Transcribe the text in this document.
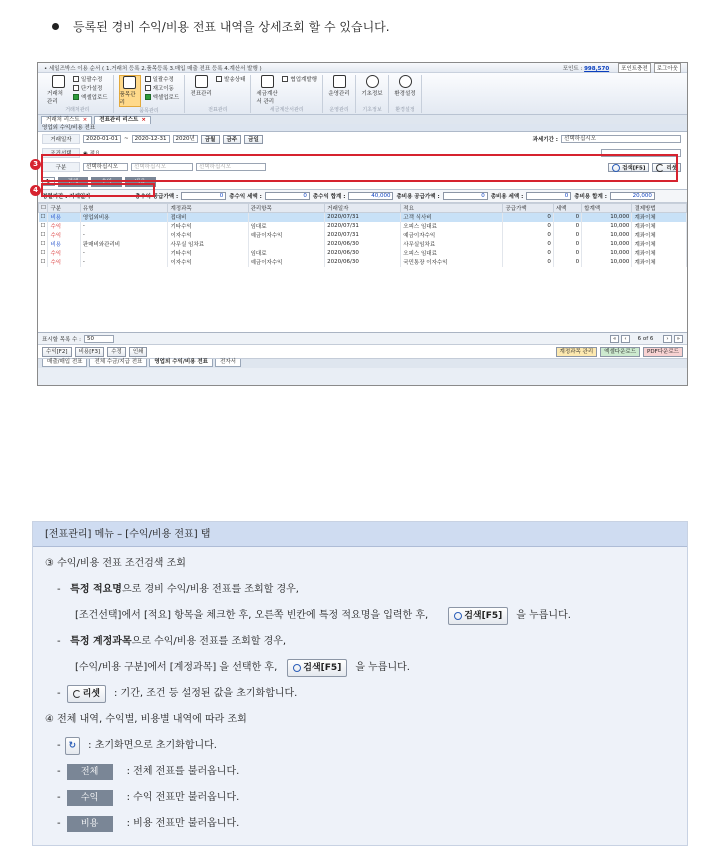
등록된 경비 수익/비용 전표 내역을 상세조회 할 수 있습니다.
• 세일즈박스 이용 순서 ( 1.거래처 등록 2.품목등록 3.매입 매출 전표 등록 4.계산서 발행 )	포인트 : 998,570	포인트충전	로그아웃
거래처 관리
일괄수정
단가설정
엑셀업로드
거래처관리
품목관리
일괄수정
재고이동
엑셀업로드
품목관리
전표관리
발송상태
전표관리
세금계산서 관리
협업계발행
세금계산서관리
운영관리
운영관리
기초정보
기초정보
환경설정
환경설정
거래처 리스트 ×	전표관리 리스트 ×
영업외 수익/비용 전표
거래일자	2020-01-01	~	2020-12-31	2020년	금월	금주	금일	과세기간 :	선택하십시오
조건선택	◉ 적요
구분	선택하십시오	선택하십시오	선택하십시오	검색[F5]	리셋
↻	전체	수익	비용
정렬기간 : 거래일자	총수익 공급가액 :	0	총수익 세액 :	0	총수익 합계 :	40,000	총비용 공급가액 :	0	총비용 세액 :	0	총비용 합계 :	20,000
☐	구분	유형	계정과목	관리항목	거래일자	적요	공급가액	세액	합계액	결제방법
☐	비용	영업외비용	접대비		2020/07/31	고객 식사비	0	0	10,000	계좌이체
☐	수익	-	기타수익	임대료	2020/07/31	오피스 임대료	0	0	10,000	계좌이체
☐	수익	-	이자수익	예금이자수익	2020/07/31	예금이자수익	0	0	10,000	계좌이체
☐	비용	판매비와관리비	사무실 임차료		2020/06/30	사무실임차료	0	0	10,000	계좌이체
☐	수익	-	기타수익	임대료	2020/06/30	오피스 임대료	0	0	10,000	계좌이체
☐	수익	-	이자수익	예금이자수익	2020/06/30	국민통장 이자수익	0	0	10,000	계좌이체
표시할 목록 수 :	50	«	‹	6 of 6	›	»
수익[F2]	비용[F3]	수정	인쇄	계정과목 관리	엑셀다운로드	PDF다운로드
매출/매입 전표	전체 수금/지급 전표	영업외 수익/비용 전표	전자서
3
4
[전표관리] 메뉴 – [수익/비용 전표] 탭
③ 수익/비용 전표 조건검색 조회
- 특정 적요명 으로 경비 수익/비용 전표를 조회할 경우,
[조건선택]에서 [적요] 항목을 체크한 후, 오른쪽 빈칸에 특정 적요명을 입력한 후,	검색[F5]	을 누릅니다.
- 특정 계정과목 으로 수익/비용 전표를 조회할 경우,
[수익/비용 구분]에서 [계정과목] 을 선택한 후,	검색[F5]	을 누릅니다.
-	리셋	: 기간, 조건 등 설정된 값을 초기화합니다.
④ 전체 내역, 수익별, 비용별 내역에 따라 조회
- ↻	: 초기화면으로 초기화합니다.
-	전체	: 전체 전표를 불러옵니다.
-	수익	: 수익 전표만 불러옵니다.
-	비용	: 비용 전표만 불러옵니다.
